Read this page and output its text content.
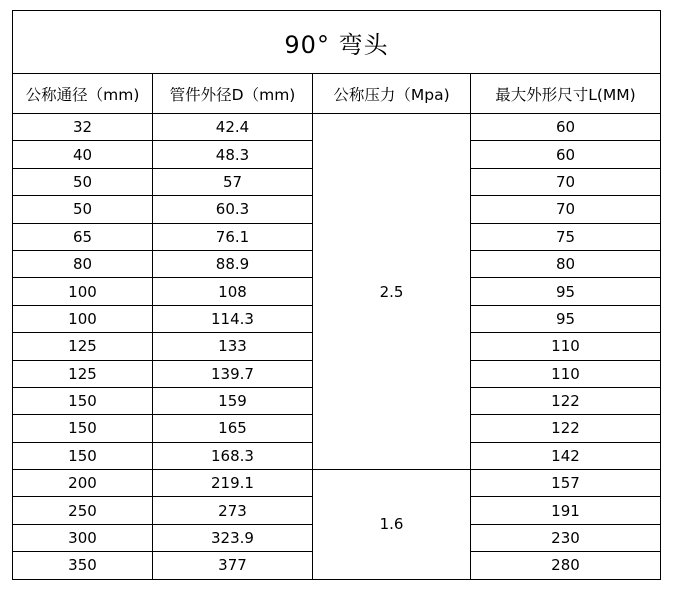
90° 弯头			
公称通径（mm)	管件外径D（mm)	公称压力（Mpa)	最大外形尺寸L(MM)
32	42.4	2.5	60
40	48.3		60
50	57		70
50	60.3		70
65	76.1		75
80	88.9		80
100	108		95
100	114.3		95
125	133		110
125	139.7		110
150	159		122
150	165		122
150	168.3		142
200	219.1	1.6	157
250	273		191
300	323.9		230
350	377		280
